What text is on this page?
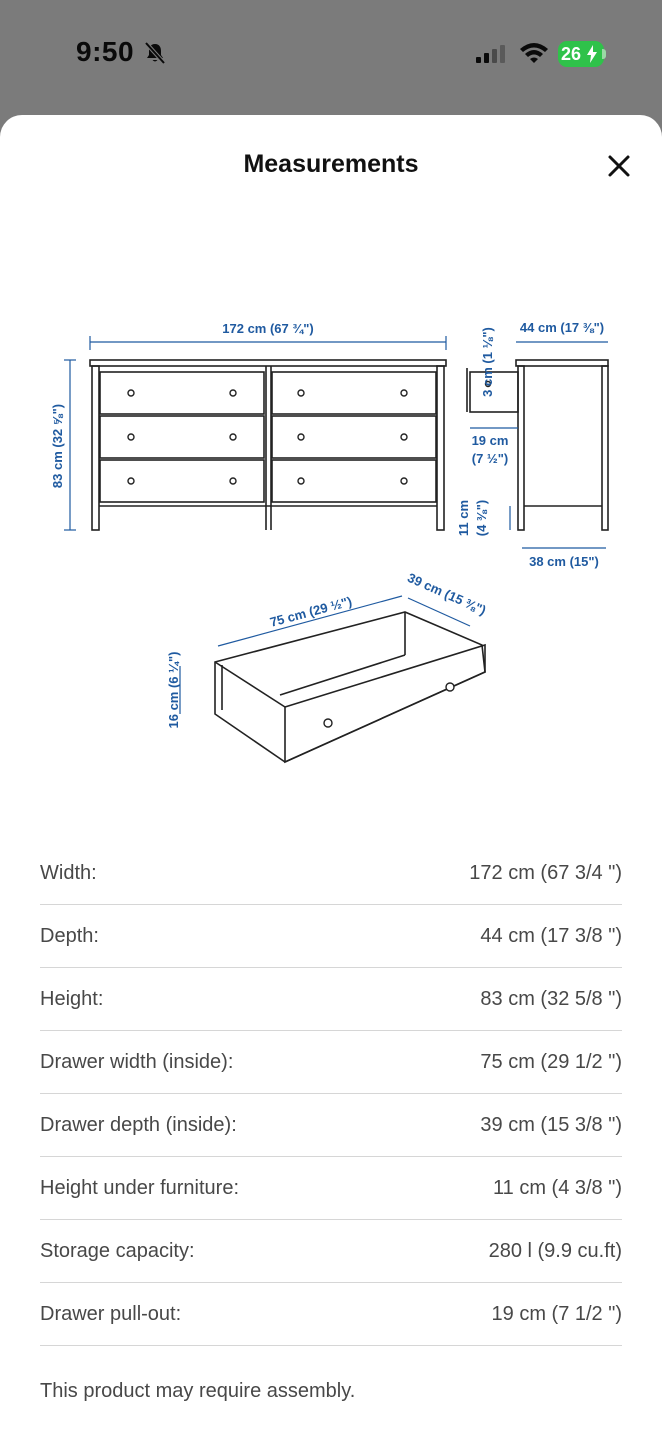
9:50	26
Measurements
172 cm (67 ¾")
83 cm (32 ⅝")
44 cm (17 ⅜")
38 cm (15")
3 cm (1 ⅛")
19 cm
(7 ½")
11 cm (4 ⅜")
75 cm (29 ½")	39 cm (15 ⅜")
16 cm (6 ¼")
Width:	172 cm (67 3/4 ")
Depth:	44 cm (17 3/8 ")
Height:	83 cm (32 5/8 ")
Drawer width (inside):	75 cm (29 1/2 ")
Drawer depth (inside):	39 cm (15 3/8 ")
Height under furniture:	11 cm (4 3/8 ")
Storage capacity:	280 l (9.9 cu.ft)
Drawer pull-out:	19 cm (7 1/2 ")
This product may require assembly.
